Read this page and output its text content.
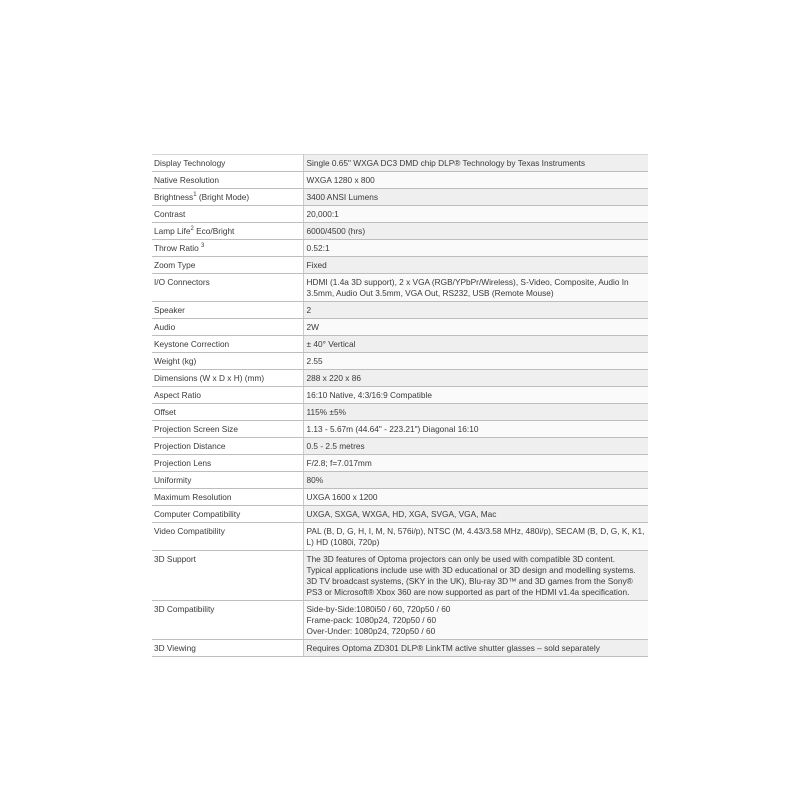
Display Technology	Single 0.65" WXGA DC3 DMD chip DLP® Technology by Texas Instruments

Native Resolution	WXGA 1280 x 800

Brightness$^1$ (Bright Mode)	3400 ANSI Lumens

Contrast	20,000:1

Lamp Life$^2$ Eco/Bright	6000/4500 (hrs)

Throw Ratio $^3$	0.52:1

Zoom Type	Fixed

I/O Connectors	HDMI (1.4a 3D support), 2 x VGA (RGB/YPbPr/Wireless), S-Video, Composite, Audio In
3.5mm, Audio Out 3.5mm, VGA Out, RS232, USB (Remote Mouse)

Speaker	2

Audio	2W

Keystone Correction	± 40° Vertical

Weight (kg)	2.55

Dimensions (W x D x H) (mm)	288 x 220 x 86

Aspect Ratio	16:10 Native, 4:3/16:9 Compatible

Offset	115% ±5%

Projection Screen Size	1.13 - 5.67m (44.64" - 223.21") Diagonal 16:10

Projection Distance	0.5 - 2.5 metres

Projection Lens	F/2.8; f=7.017mm

Uniformity	80%

Maximum Resolution	UXGA 1600 x 1200

Computer Compatibility	UXGA, SXGA, WXGA, HD, XGA, SVGA, VGA, Mac

Video Compatibility	PAL (B, D, G, H, I, M, N, 576i/p), NTSC (M, 4.43/3.58 MHz, 480i/p), SECAM (B, D, G, K, K1,
L) HD (1080i, 720p)

3D Support	The 3D features of Optoma projectors can only be used with compatible 3D content.
Typical applications include use with 3D educational or 3D design and modelling systems.
3D TV broadcast systems, (SKY in the UK), Blu-ray 3D™ and 3D games from the Sony®
PS3 or Microsoft® Xbox 360 are now supported as part of the HDMI v1.4a specification.

3D Compatibility	Side-by-Side:1080i50 / 60, 720p50 / 60
Frame-pack: 1080p24, 720p50 / 60
Over-Under: 1080p24, 720p50 / 60

3D Viewing	Requires Optoma ZD301 DLP® LinkTM active shutter glasses – sold separately
